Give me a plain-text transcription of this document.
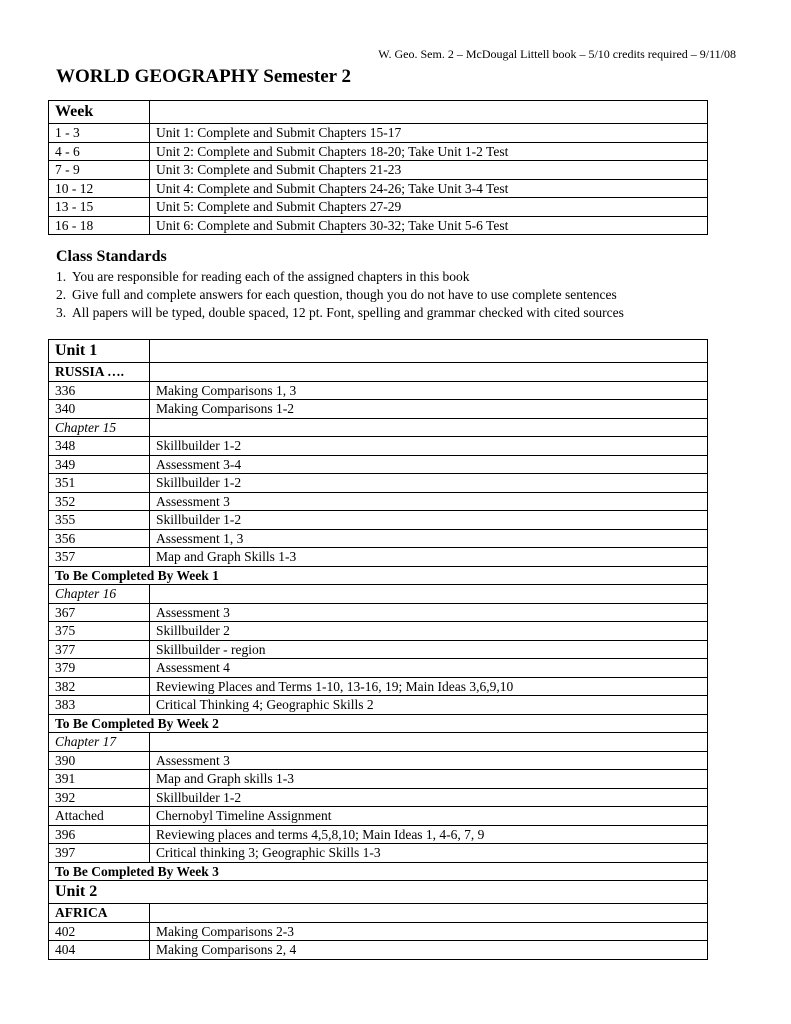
W. Geo. Sem. 2 – McDougal Littell book – 5/10 credits required – 9/11/08
WORLD GEOGRAPHY Semester 2
Week	
1 - 3	Unit 1: Complete and Submit Chapters 15-17
4 - 6	Unit 2: Complete and Submit Chapters 18-20; Take Unit 1-2 Test
7 - 9	Unit 3: Complete and Submit Chapters 21-23
10 - 12	Unit 4: Complete and Submit Chapters 24-26; Take Unit 3-4 Test
13 - 15	Unit 5: Complete and Submit Chapters 27-29
16 - 18	Unit 6: Complete and Submit Chapters 30-32; Take Unit 5-6 Test
Class Standards
1. You are responsible for reading each of the assigned chapters in this book
2. Give full and complete answers for each question, though you do not have to use complete sentences
3. All papers will be typed, double spaced, 12 pt. Font, spelling and grammar checked with cited sources
Unit 1	
RUSSIA ….	
336	Making Comparisons 1, 3
340	Making Comparisons 1-2
Chapter 15	
348	Skillbuilder 1-2
349	Assessment 3-4
351	Skillbuilder 1-2
352	Assessment 3
355	Skillbuilder 1-2
356	Assessment 1, 3
357	Map and Graph Skills 1-3
To Be Completed By Week 1	
Chapter 16	
367	Assessment 3
375	Skillbuilder 2
377	Skillbuilder - region
379	Assessment 4
382	Reviewing Places and Terms 1-10, 13-16, 19; Main Ideas 3,6,9,10
383	Critical Thinking 4; Geographic Skills 2
To Be Completed By Week 2	
Chapter 17	
390	Assessment 3
391	Map and Graph skills 1-3
392	Skillbuilder 1-2
Attached	Chernobyl Timeline Assignment
396	Reviewing places and terms 4,5,8,10; Main Ideas 1, 4-6, 7, 9
397	Critical thinking 3; Geographic Skills 1-3
To Be Completed By Week 3	
Unit 2	
AFRICA	
402	Making Comparisons 2-3
404	Making Comparisons 2, 4
